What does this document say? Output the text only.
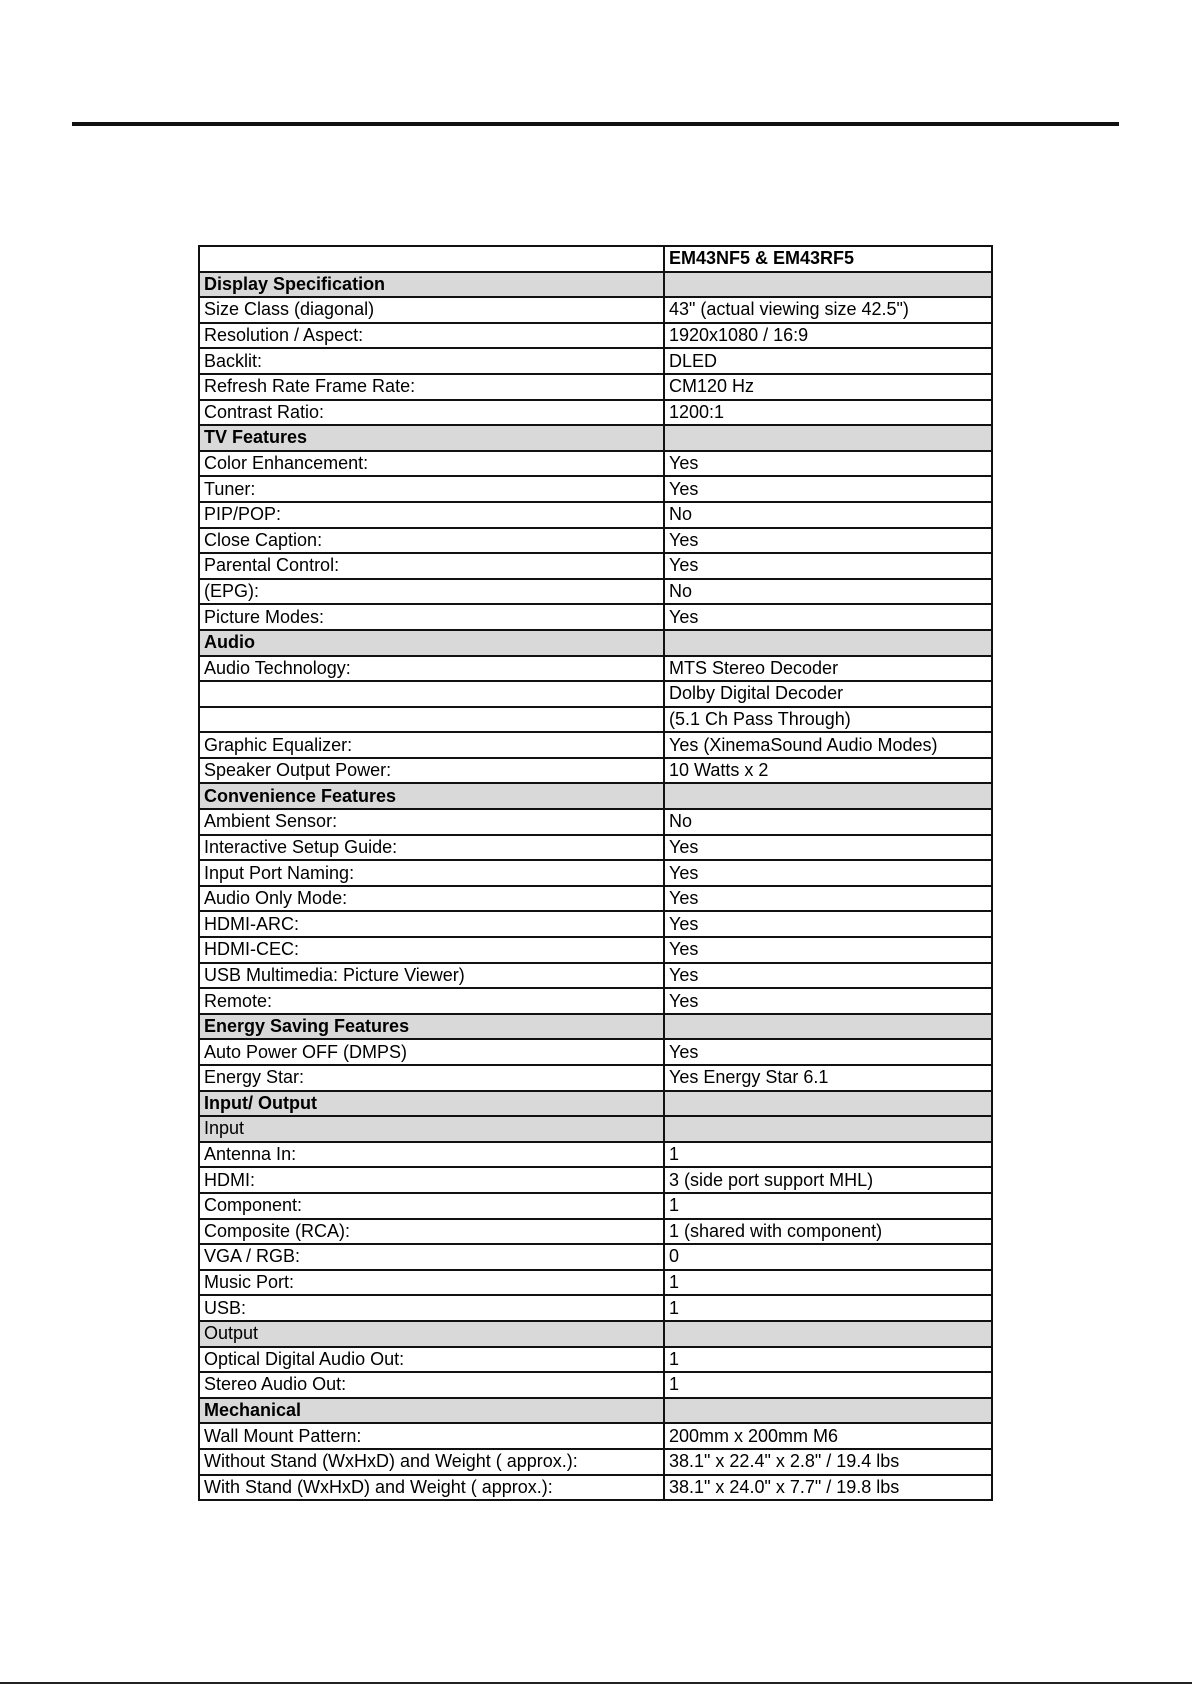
	EM43NF5 & EM43RF5
Display Specification	
Size Class (diagonal)	43" (actual viewing size 42.5")
Resolution / Aspect:	1920x1080 / 16:9
Backlit:	DLED
Refresh Rate Frame Rate:	CM120 Hz
Contrast Ratio:	1200:1
TV Features	
Color Enhancement:	Yes
Tuner:	Yes
PIP/POP:	No
Close Caption:	Yes
Parental Control:	Yes
(EPG):	No
Picture Modes:	Yes
Audio	
Audio Technology:	MTS Stereo Decoder
	Dolby Digital Decoder
	(5.1 Ch Pass Through)
Graphic Equalizer:	Yes (XinemaSound Audio Modes)
Speaker Output Power:	10 Watts x 2
Convenience Features	
Ambient Sensor:	No
Interactive Setup Guide:	Yes
Input Port Naming:	Yes
Audio Only Mode:	Yes
HDMI-ARC:	Yes
HDMI-CEC:	Yes
USB Multimedia: Picture Viewer)	Yes
Remote:	Yes
Energy Saving Features	
Auto Power OFF (DMPS)	Yes
Energy Star:	Yes Energy Star 6.1
Input/ Output	
Input	
Antenna In:	1
HDMI:	3 (side port support MHL)
Component:	1
Composite (RCA):	1 (shared with component)
VGA / RGB:	0
Music Port:	1
USB:	1
Output	
Optical Digital Audio Out:	1
Stereo Audio Out:	1
Mechanical	
Wall Mount Pattern:	200mm x 200mm M6
Without Stand (WxHxD) and Weight ( approx.):	38.1" x 22.4" x 2.8" / 19.4 lbs
With Stand (WxHxD) and Weight ( approx.):	38.1" x 24.0" x 7.7" / 19.8 lbs
